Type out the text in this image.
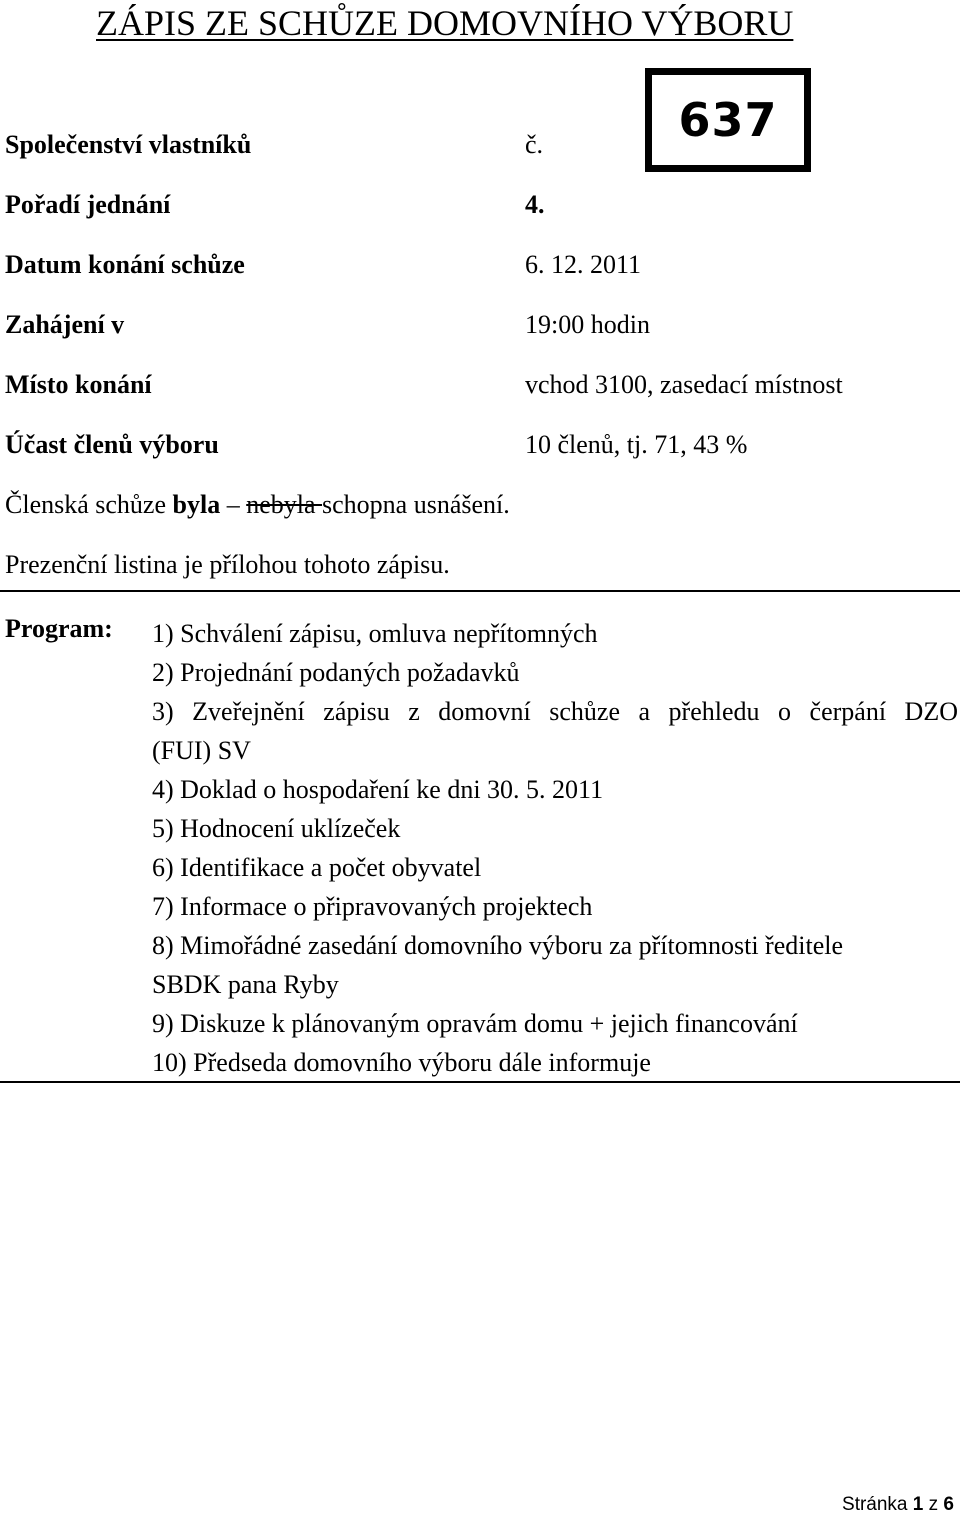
ZÁPIS ZE SCHŮZE DOMOVNÍHO VÝBORU
637
Společenství vlastníků	č.
Pořadí jednání	4.
Datum konání schůze	6. 12. 2011
Zahájení v	19:00 hodin
Místo konání	vchod 3100, zasedací místnost
Účast členů výboru	10 členů, tj. 71, 43 %
Členská schůze byla – nebyla schopna usnášení.
Prezenční listina je přílohou tohoto zápisu.
Program: 1) Schválení zápisu, omluva nepřítomných
2) Projednání podaných požadavků
3) Zveřejnění zápisu z domovní schůze a přehledu o čerpání DZO
(FUI) SV
4) Doklad o hospodaření ke dni 30. 5. 2011
5) Hodnocení uklízeček
6) Identifikace a počet obyvatel
7) Informace o připravovaných projektech
8) Mimořádné zasedání domovního výboru za přítomnosti ředitele
SBDK pana Ryby
9) Diskuze k plánovaným opravám domu + jejich financování
10) Předseda domovního výboru dále informuje
Stránka 1 z 6
